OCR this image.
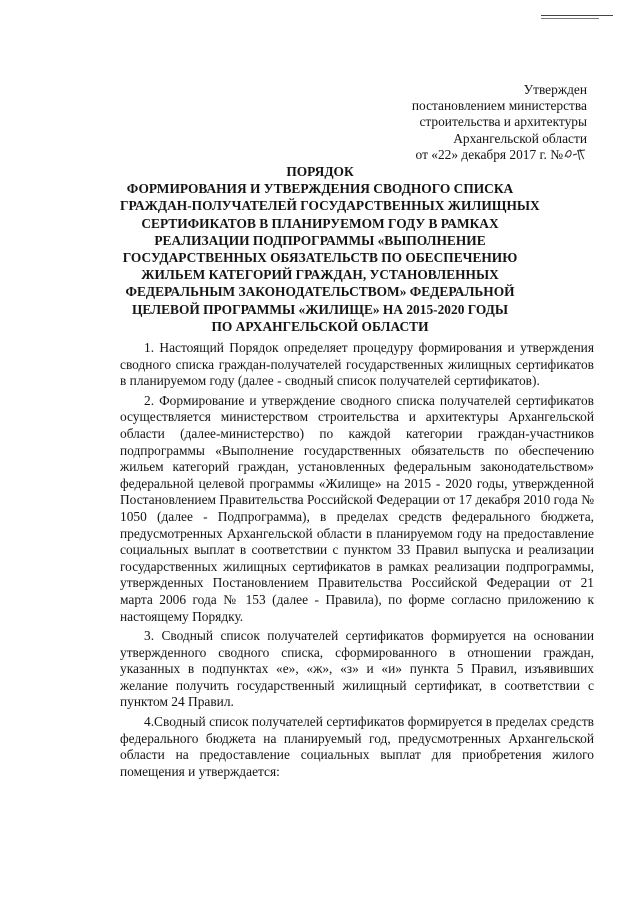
Утвержден
постановлением министерства
строительства и архитектуры
Архангельской области
от «22» декабря 2017 г. №
ПОРЯДОК
ФОРМИРОВАНИЯ И УТВЕРЖДЕНИЯ СВОДНОГО СПИСКА
ГРАЖДАН-ПОЛУЧАТЕЛЕЙ ГОСУДАРСТВЕННЫХ ЖИЛИЩНЫХ
СЕРТИФИКАТОВ В ПЛАНИРУЕМОМ ГОДУ В РАМКАХ
РЕАЛИЗАЦИИ ПОДПРОГРАММЫ «ВЫПОЛНЕНИЕ
ГОСУДАРСТВЕННЫХ ОБЯЗАТЕЛЬСТВ ПО ОБЕСПЕЧЕНИЮ
ЖИЛЬЕМ КАТЕГОРИЙ ГРАЖДАН, УСТАНОВЛЕННЫХ
ФЕДЕРАЛЬНЫМ ЗАКОНОДАТЕЛЬСТВОМ» ФЕДЕРАЛЬНОЙ
ЦЕЛЕВОЙ ПРОГРАММЫ «ЖИЛИЩЕ» НА 2015-2020 ГОДЫ
ПО АРХАНГЕЛЬСКОЙ ОБЛАСТИ

1. Настоящий Порядок определяет процедуру формирования и утверждения сводного списка граждан-получателей государственных жилищных сертификатов в планируемом году (далее - сводный список получателей сертификатов).

2. Формирование и утверждение сводного списка получателей сертификатов осуществляется министерством строительства и архитектуры Архангельской области (далее-министерство) по каждой категории граждан-участников подпрограммы «Выполнение государственных обязательств по обеспечению жильем категорий граждан, установленных федеральным законодательством» федеральной целевой программы «Жилище» на 2015 - 2020 годы, утвержденной Постановлением Правительства Российской Федерации от 17 декабря 2010 года № 1050 (далее - Подпрограмма), в пределах средств федерального бюджета, предусмотренных Архангельской области в планируемом году на предоставление социальных выплат в соответствии с пунктом 33 Правил выпуска и реализации государственных жилищных сертификатов в рамках реализации подпрограммы, утвержденных Постановлением Правительства Российской Федерации от 21 марта 2006 года № 153 (далее - Правила), по форме согласно приложению к настоящему Порядку.

3. Сводный список получателей сертификатов формируется на основании утвержденного сводного списка, сформированного в отношении граждан, указанных в подпунктах «е», «ж», «з» и «и» пункта 5 Правил, изъявивших желание получить государственный жилищный сертификат, в соответствии с пунктом 24 Правил.

4.Сводный список получателей сертификатов формируется в пределах средств федерального бюджета на планируемый год, предусмотренных Архангельской области на предоставление социальных выплат для приобретения жилого помещения и утверждается:
